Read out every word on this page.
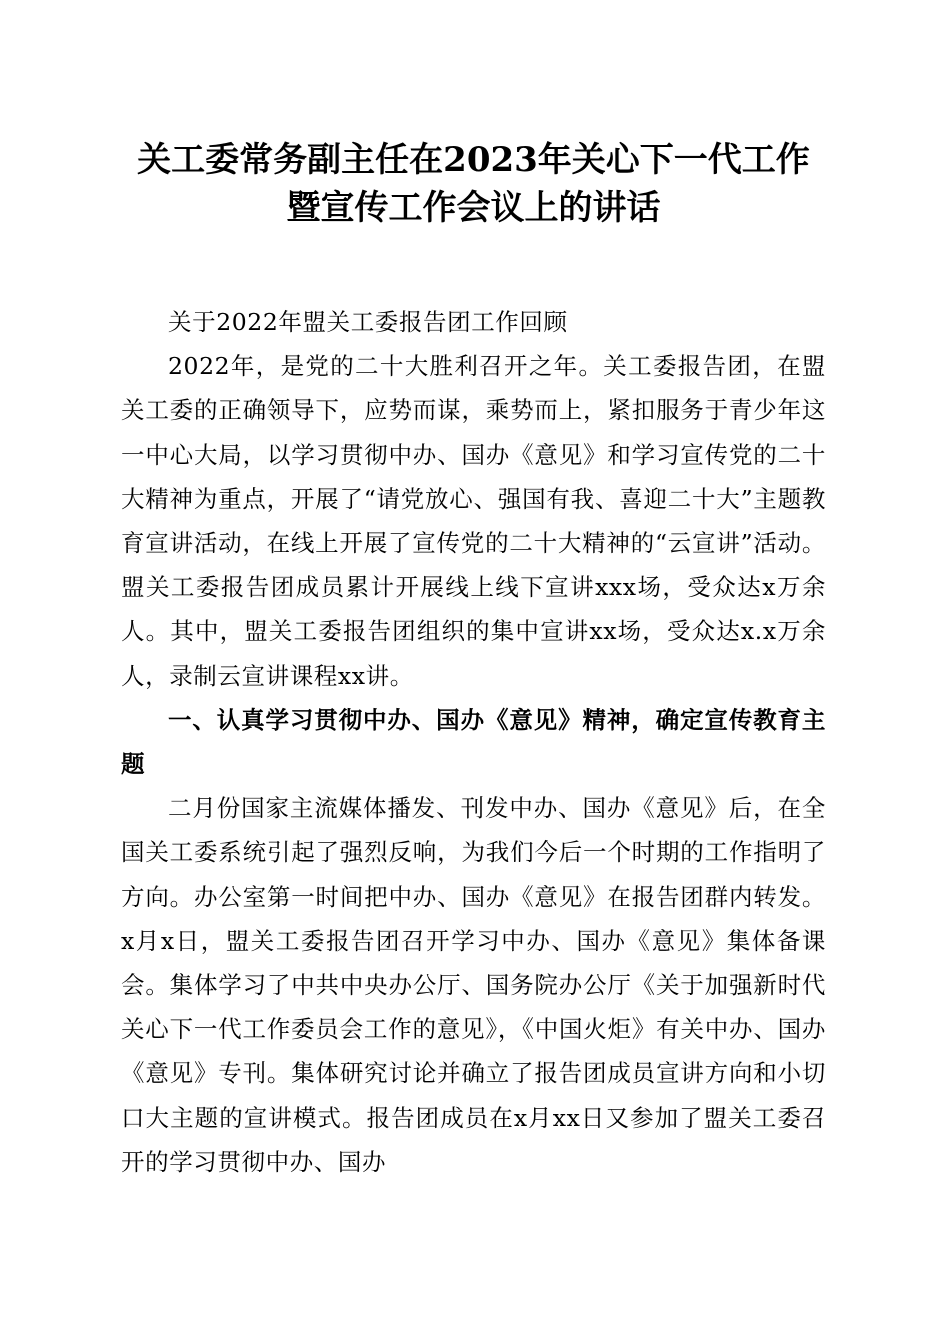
关工委常务副主任在2023年关心下一代工作
暨宣传工作会议上的讲话

关于2022年盟关工委报告团工作回顾

2022年，是党的二十大胜利召开之年。关工委报告团，在盟关工委的正确领导下，应势而谋，乘势而上，紧扣服务于青少年这一中心大局，以学习贯彻中办、国办《意见》和学习宣传党的二十大精神为重点，开展了“请党放心、强国有我、喜迎二十大”主题教育宣讲活动，在线上开展了宣传党的二十大精神的“云宣讲”活动。盟关工委报告团成员累计开展线上线下宣讲xxx场，受众达x万余人。其中，盟关工委报告团组织的集中宣讲xx场，受众达x.x万余人，录制云宣讲课程xx讲。

一、认真学习贯彻中办、国办《意见》精神，确定宣传教育主题

二月份国家主流媒体播发、刊发中办、国办《意见》后，在全国关工委系统引起了强烈反响，为我们今后一个时期的工作指明了方向。办公室第一时间把中办、国办《意见》在报告团群内转发。x月x日，盟关工委报告团召开学习中办、国办《意见》集体备课会。集体学习了中共中央办公厅、国务院办公厅《关于加强新时代关心下一代工作委员会工作的意见》，《中国火炬》有关中办、国办《意见》专刊。集体研究讨论并确立了报告团成员宣讲方向和小切口大主题的宣讲模式。报告团成员在x月xx日又参加了盟关工委召开的学习贯彻中办、国办
